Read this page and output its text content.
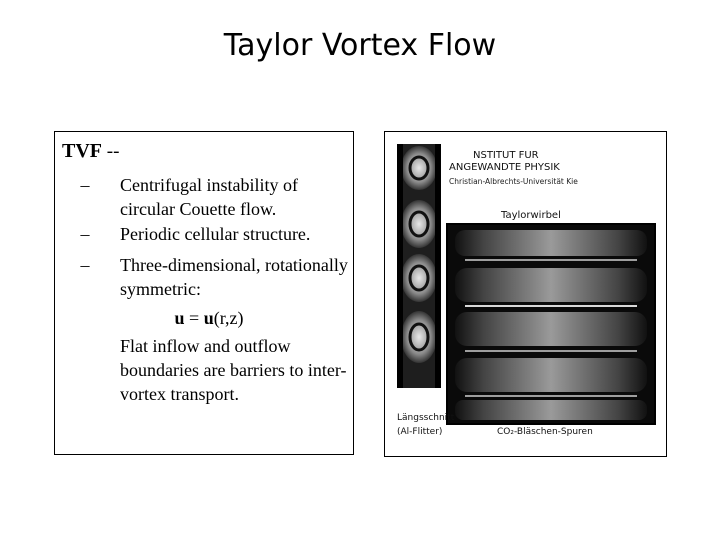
Taylor Vortex Flow
TVF --
–	Centrifugal instability of circular Couette flow.
–	Periodic cellular structure.
–	Three-dimensional, rotationally symmetric:
u = u(r,z)
Flat inflow and outflow boundaries are barriers to inter-vortex transport.
NSTITUT FUR
ANGEWANDTE PHYSIK
Christian-Albrechts-Universität Kie
Taylorwirbel
Längsschnitt
(Al-Flitter)	CO₂-Bläschen-Spuren
